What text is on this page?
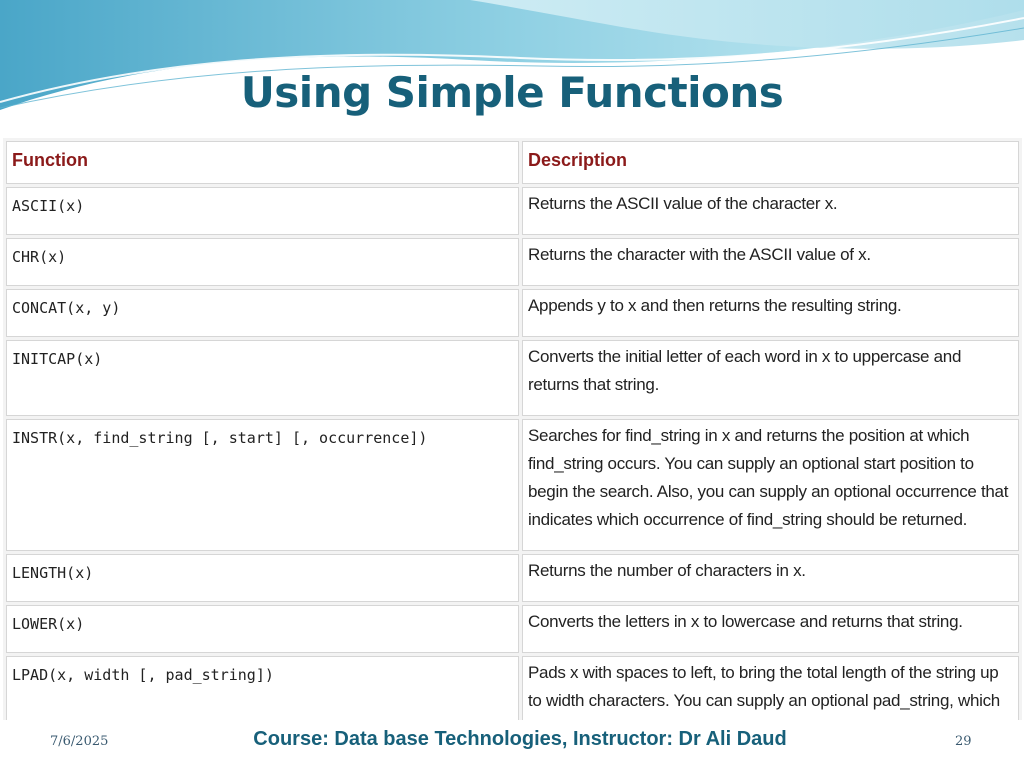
Using Simple Functions
Function	Description
ASCII(x)	Returns the ASCII value of the character x.
CHR(x)	Returns the character with the ASCII value of x.
CONCAT(x, y)	Appends y to x and then returns the resulting string.
INITCAP(x)	Converts the initial letter of each word in x to uppercase and returns that string.
INSTR(x, find_string [, start] [, occurrence])	Searches for find_string in x and returns the position at which find_string occurs. You can supply an optional start position to begin the search. Also, you can supply an optional occurrence that indicates which occurrence of find_string should be returned.
LENGTH(x)	Returns the number of characters in x.
LOWER(x)	Converts the letters in x to lowercase and returns that string.
LPAD(x, width [, pad_string])	Pads x with spaces to left, to bring the total length of the string up to width characters. You can supply an optional pad_string, which

7/6/2025	Course: Data base Technologies, Instructor: Dr Ali Daud	29
